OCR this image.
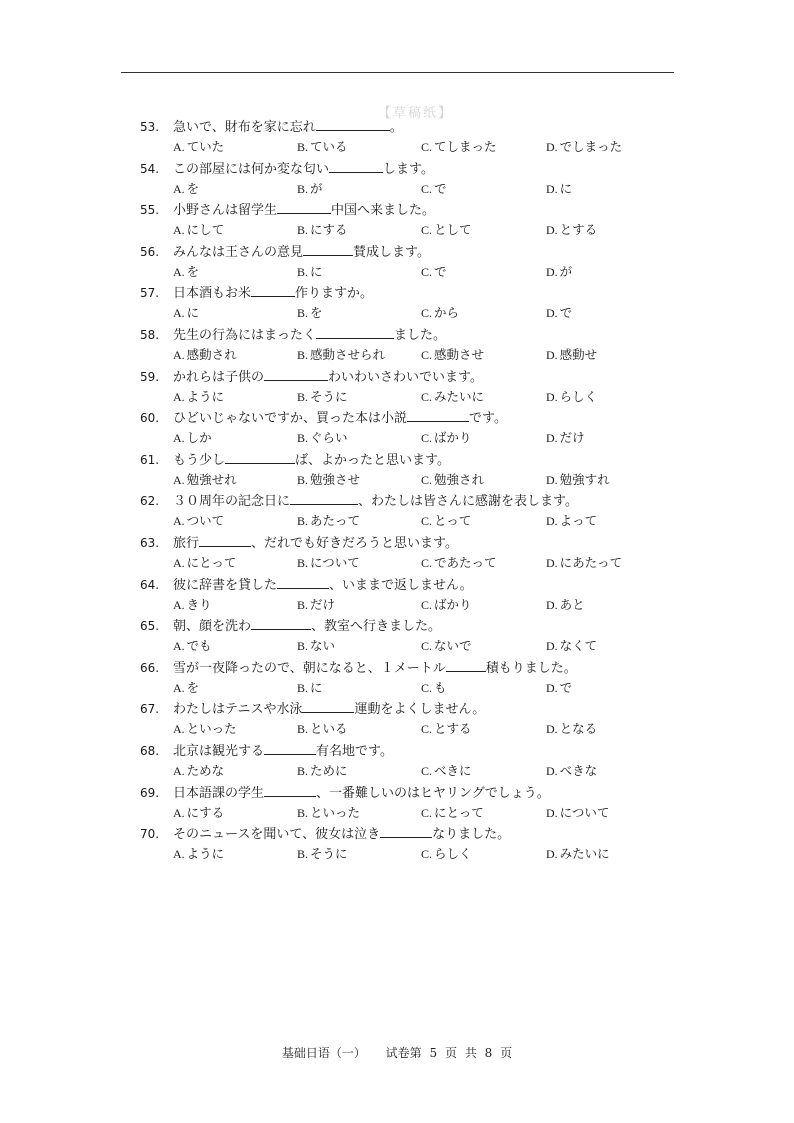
【草稿纸】
53. 急いで、財布を家に忘れ	。
A. ていた	B. ている	C. てしまった	D. でしまった
54. この部屋には何か変な匂い	します。
A. を	B. が	C. で	D. に
55. 小野さんは留学生	中国へ来ました。
A. にして	B. にする	C. として	D. とする
56. みんなは王さんの意見	賛成します。
A. を	B. に	C. で	D. が
57. 日本酒もお米	作りますか。
A. に	B. を	C. から	D. で
58. 先生の行為にはまったく	ました。
A. 感動され	B. 感動させられ	C. 感動させ	D. 感動せ
59. かれらは子供の	わいわいさわいでいます。
A. ように	B. そうに	C. みたいに	D. らしく
60. ひどいじゃないですか、買った本は小説	です。
A. しか	B. ぐらい	C. ばかり	D. だけ
61. もう少し	ば、よかったと思います。
A. 勉強せれ	B. 勉強させ	C. 勉強され	D. 勉強すれ
62. ３０周年の記念日に	、わたしは皆さんに感謝を表します。
A. ついて	B. あたって	C. とって	D. よって
63. 旅行	、だれでも好きだろうと思います。
A. にとって	B. について	C. であたって	D. にあたって
64. 彼に辞書を貸した	、いままで返しません。
A. きり	B. だけ	C. ばかり	D. あと
65. 朝、顔を洗わ	、教室へ行きました。
A. でも	B. ない	C. ないで	D. なくて
66. 雪が一夜降ったので、朝になると、１メートル	積もりました。
A. を	B. に	C. も	D. で
67. わたしはテニスや水泳	運動をよくしません。
A. といった	B. といる	C. とする	D. となる
68. 北京は観光する	有名地です。
A. ためな	B. ために	C. べきに	D. べきな
69. 日本語課の学生	、一番難しいのはヒヤリングでしょう。
A. にする	B. といった	C. にとって	D. について
70. そのニュースを聞いて、彼女は泣き	なりました。
A. ように	B. そうに	C. らしく	D. みたいに
基础日语（一） 试卷第 5 页 共 8 页
